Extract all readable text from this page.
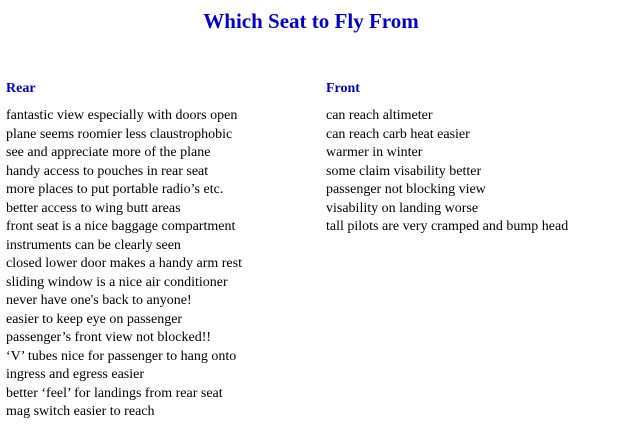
Which Seat to Fly From
Rear
fantastic view especially with doors open
plane seems roomier less claustrophobic
see and appreciate more of the plane
handy access to pouches in rear seat
more places to put portable radio’s etc.
better access to wing butt areas
front seat is a nice baggage compartment
instruments can be clearly seen
closed lower door makes a handy arm rest
sliding window is a nice air conditioner
never have one's back to anyone!
easier to keep eye on passenger
passenger’s front view not blocked!!
‘V’ tubes nice for passenger to hang onto
ingress and egress easier
better ‘feel’ for landings from rear seat
mag switch easier to reach
Front
can reach altimeter
can reach carb heat easier
warmer in winter
some claim visability better
passenger not blocking view
visability on landing worse
tall pilots are very cramped and bump head
